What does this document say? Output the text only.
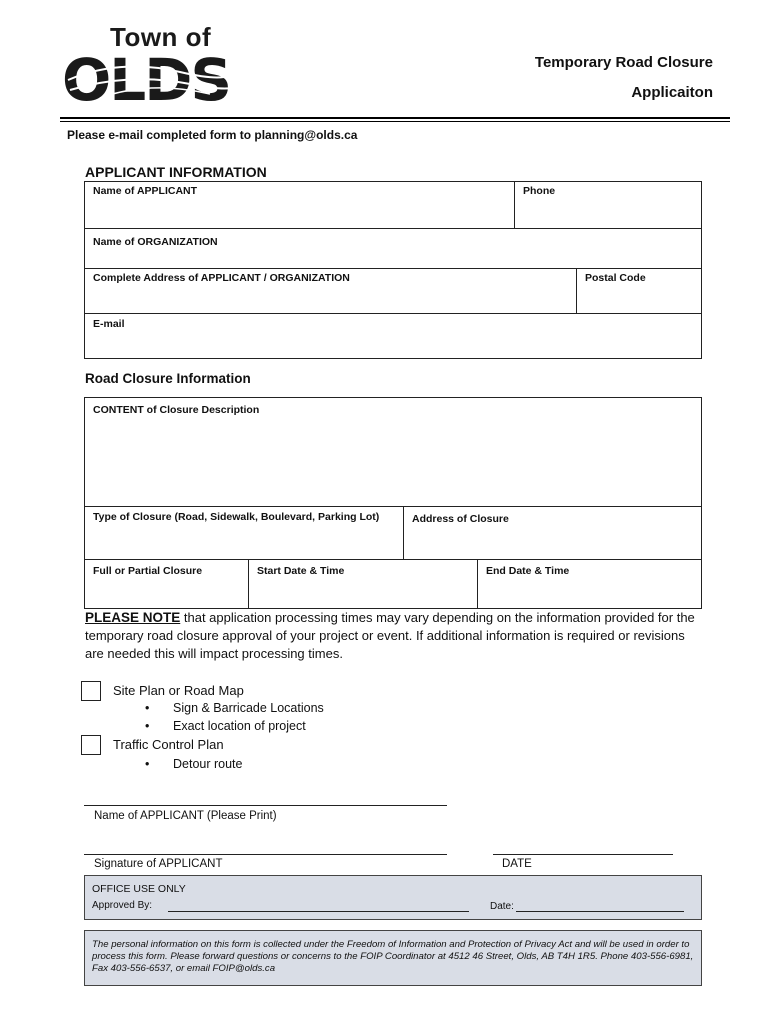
Town of
OLDS	Temporary Road Closure
Applicaiton
Please e-mail completed form to planning@olds.ca
APPLICANT INFORMATION
Name of APPLICANT	Phone
Name of ORGANIZATION
Complete Address of APPLICANT / ORGANIZATION	Postal Code
E-mail
Road Closure Information
CONTENT of Closure Description
Type of Closure (Road, Sidewalk, Boulevard, Parking Lot)	Address of Closure
Full or Partial Closure	Start Date & Time	End Date & Time
PLEASE NOTE that application processing times may vary depending on the information provided for the temporary road closure approval of your project or event. If additional information is required or revisions are needed this will impact processing times.
Site Plan or Road Map
• Sign & Barricade Locations
• Exact location of project
Traffic Control Plan
• Detour route
Name of APPLICANT (Please Print)
Signature of APPLICANT	DATE
OFFICE USE ONLY
Approved By:	Date:
The personal information on this form is collected under the Freedom of Information and Protection of Privacy Act and will be used in order to process this form. Please forward questions or concerns to the FOIP Coordinator at 4512 46 Street, Olds, AB T4H 1R5. Phone 403-556-6981, Fax 403-556-6537, or email FOIP@olds.ca
